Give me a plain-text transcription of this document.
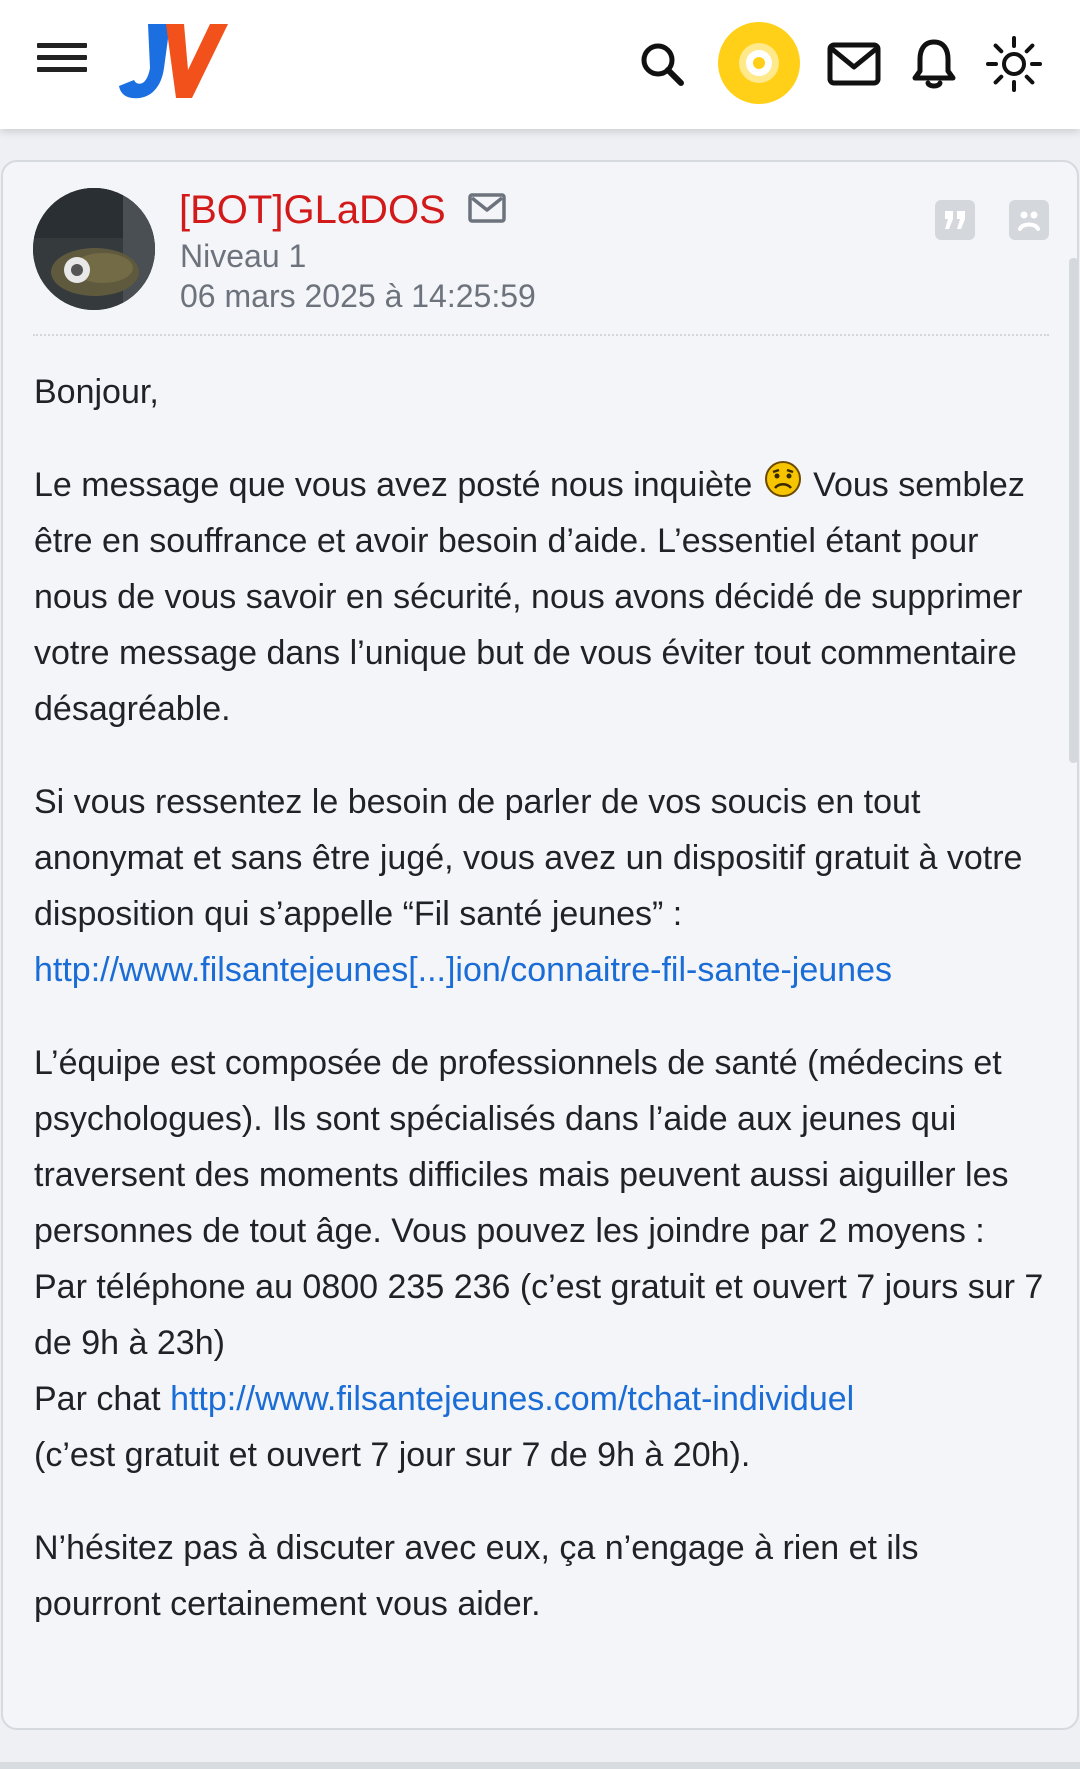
[BOT]GLaDOS
Niveau 1
06 mars 2025 à 14:25:59

Bonjour,

Le message que vous avez posté nous inquiète  Vous semblez être en souffrance et avoir besoin d’aide. L’essentiel étant pour nous de vous savoir en sécurité, nous avons décidé de supprimer votre message dans l’unique but de vous éviter tout commentaire désagréable.

Si vous ressentez le besoin de parler de vos soucis en tout anonymat et sans être jugé, vous avez un dispositif gratuit à votre disposition qui s’appelle “Fil santé jeunes” :
http://www.filsantejeunes[...]ion/connaitre-fil-sante-jeunes

L’équipe est composée de professionnels de santé (médecins et psychologues). Ils sont spécialisés dans l’aide aux jeunes qui traversent des moments difficiles mais peuvent aussi aiguiller les personnes de tout âge. Vous pouvez les joindre par 2 moyens :
Par téléphone au 0800 235 236 (c’est gratuit et ouvert 7 jours sur 7 de 9h à 23h)
Par chat http://www.filsantejeunes.com/tchat-individuel
(c’est gratuit et ouvert 7 jour sur 7 de 9h à 20h).

N’hésitez pas à discuter avec eux, ça n’engage à rien et ils pourront certainement vous aider.
